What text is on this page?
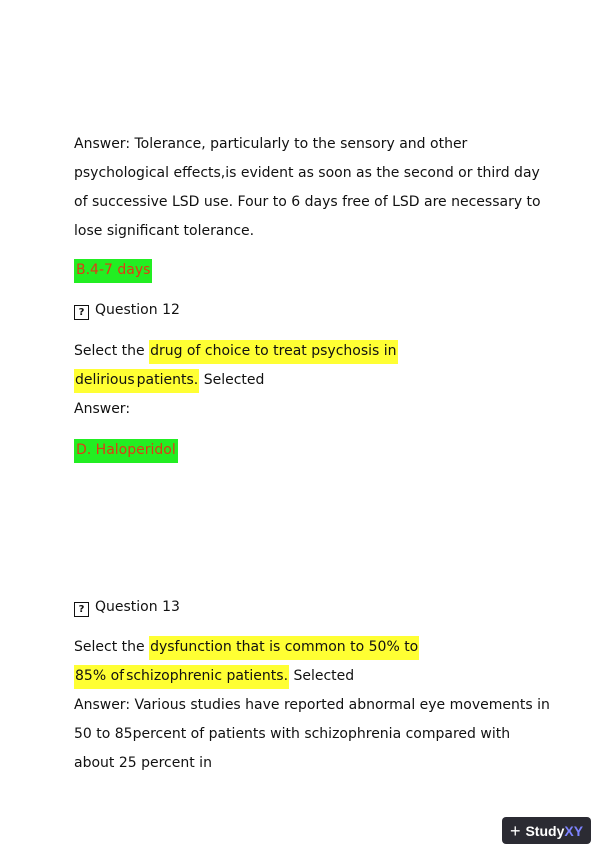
Answer: Tolerance, particularly to the sensory and other
psychological effects,is evident as soon as the second or third day
of successive LSD use. Four to 6 days free of LSD are necessary to
lose significant tolerance.
B.4-7 days
? Question 12
Select the drug of choice to treat psychosis in
delirious patients. Selected
Answer:
D. Haloperidol
? Question 13
Select the dysfunction that is common to 50% to
85% of schizophrenic patients. Selected
Answer: Various studies have reported abnormal eye movements in
50 to 85percent of patients with schizophrenia compared with
about 25 percent in
+ Study XY
